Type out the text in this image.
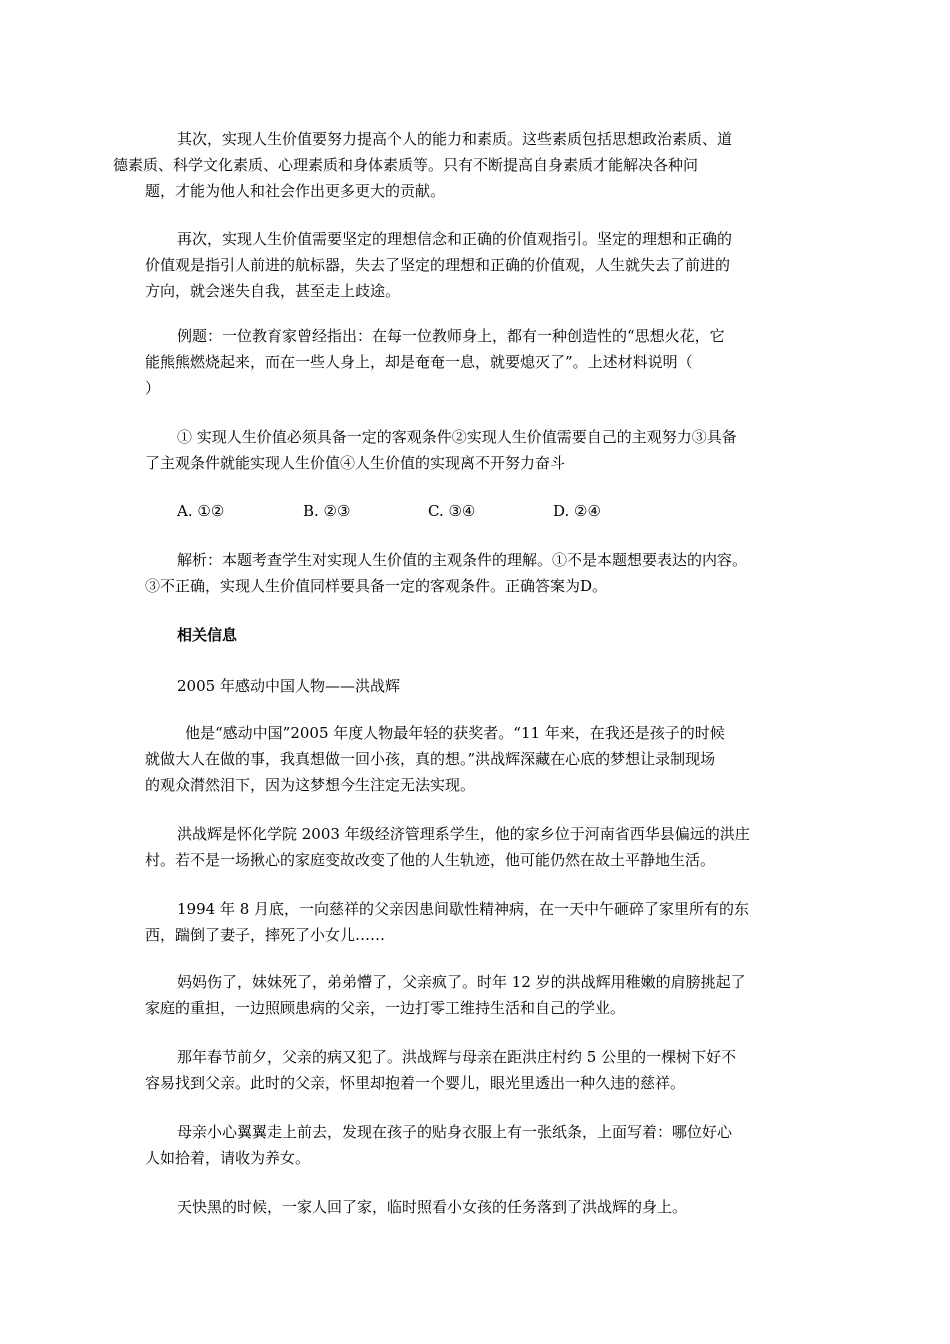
其次，实现人生价值要努力提高个人的能力和素质。这些素质包括思想政治素质、道
德素质、科学文化素质、心理素质和身体素质等。只有不断提高自身素质才能解决各种问
题，才能为他人和社会作出更多更大的贡献。

再次，实现人生价值需要坚定的理想信念和正确的价值观指引。坚定的理想和正确的
价值观是指引人前进的航标器，失去了坚定的理想和正确的价值观，人生就失去了前进的
方向，就会迷失自我，甚至走上歧途。

例题：一位教育家曾经指出：在每一位教师身上，都有一种创造性的“思想火花，它
能熊熊燃烧起来，而在一些人身上，却是奄奄一息，就要熄灭了”。上述材料说明（
）

① 实现人生价值必须具备一定的客观条件②实现人生价值需要自己的主观努力③具备
了主观条件就能实现人生价值④人生价值的实现离不开努力奋斗

A. ①②	B. ②③	C. ③④	D. ②④

解析：本题考查学生对实现人生价值的主观条件的理解。①不是本题想要表达的内容。
③不正确，实现人生价值同样要具备一定的客观条件。正确答案为D。

相关信息

2005 年感动中国人物——洪战辉

他是“感动中国”2005 年度人物最年轻的获奖者。“11 年来，在我还是孩子的时候
就做大人在做的事，我真想做一回小孩，真的想。”洪战辉深藏在心底的梦想让录制现场
的观众潸然泪下，因为这梦想今生注定无法实现。

洪战辉是怀化学院 2003 年级经济管理系学生，他的家乡位于河南省西华县偏远的洪庄
村。若不是一场揪心的家庭变故改变了他的人生轨迹，他可能仍然在故土平静地生活。

1994 年 8 月底，一向慈祥的父亲因患间歇性精神病，在一天中午砸碎了家里所有的东
西，踹倒了妻子，摔死了小女儿……

妈妈伤了，妹妹死了，弟弟懵了，父亲疯了。时年 12 岁的洪战辉用稚嫩的肩膀挑起了
家庭的重担，一边照顾患病的父亲，一边打零工维持生活和自己的学业。

那年春节前夕，父亲的病又犯了。洪战辉与母亲在距洪庄村约 5 公里的一棵树下好不
容易找到父亲。此时的父亲，怀里却抱着一个婴儿，眼光里透出一种久违的慈祥。

母亲小心翼翼走上前去，发现在孩子的贴身衣服上有一张纸条，上面写着：哪位好心
人如拾着，请收为养女。

天快黑的时候，一家人回了家，临时照看小女孩的任务落到了洪战辉的身上。
